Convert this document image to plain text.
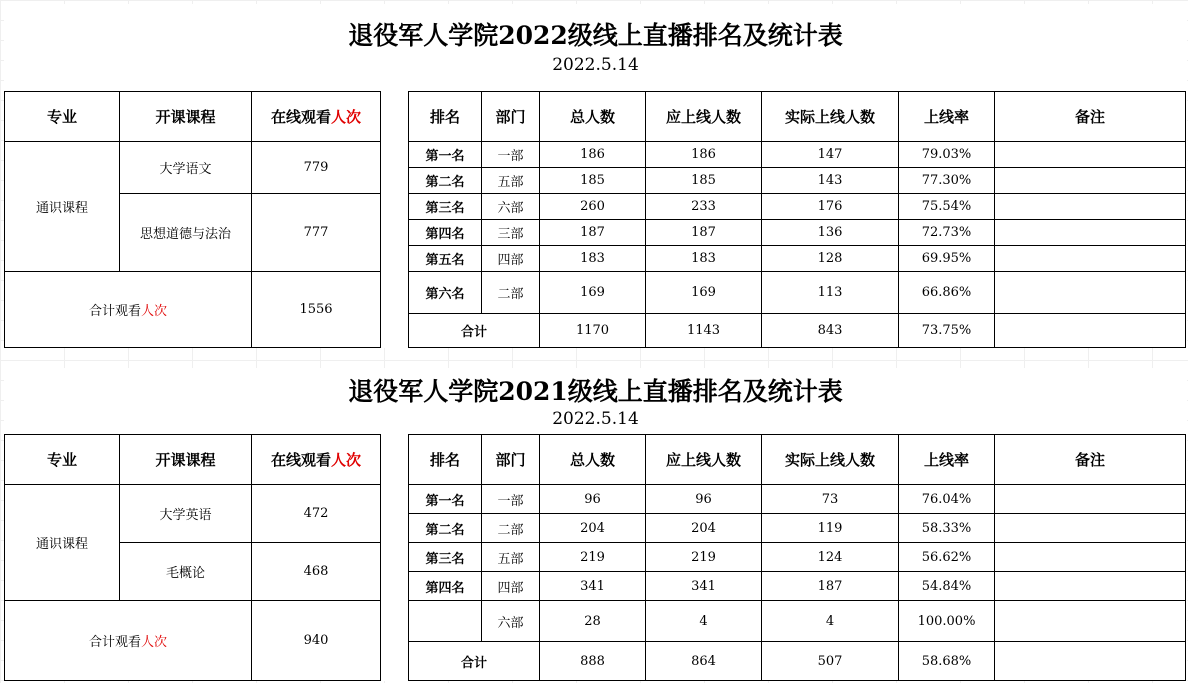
退役军人学院2022级线上直播排名及统计表
2022.5.14
专业	开课课程	在线观看人次
通识课程	大学语文	779
	思想道德与法治	777
合计观看人次		1556
排名	部门	总人数	应上线人数	实际上线人数	上线率	备注
第一名	一部	186	186	147	79.03%	
第二名	五部	185	185	143	77.30%	
第三名	六部	260	233	176	75.54%	
第四名	三部	187	187	136	72.73%	
第五名	四部	183	183	128	69.95%	
第六名	二部	169	169	113	66.86%	
合计		1170	1143	843	73.75%	
退役军人学院2021级线上直播排名及统计表
2022.5.14
专业	开课课程	在线观看人次
通识课程	大学英语	472
	毛概论	468
合计观看人次		940
排名	部门	总人数	应上线人数	实际上线人数	上线率	备注
第一名	一部	96	96	73	76.04%	
第二名	二部	204	204	119	58.33%	
第三名	五部	219	219	124	56.62%	
第四名	四部	341	341	187	54.84%	
	六部	28	4	4	100.00%	
合计		888	864	507	58.68%	
